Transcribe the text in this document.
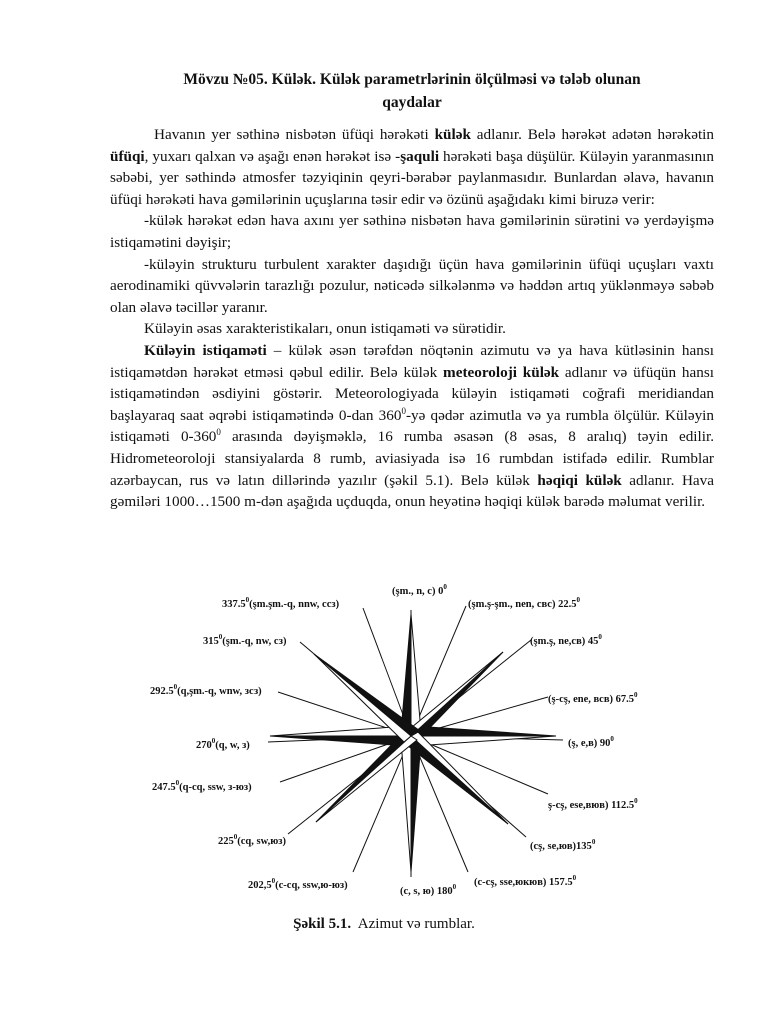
Mövzu №05. Külək. Külək parametrlərinin ölçülməsi və tələb olunan
qaydalar

Havanın yer səthinə nisbətən üfüqi hərəkəti külək adlanır. Belə hərəkət adətən hərəkətin üfüqi, yuxarı qalxan və aşağı enən hərəkət isə -şaquli hərəkəti başa düşülür. Küləyin yaranmasının səbəbi, yer səthində atmosfer təzyiqinin qeyri-bərabər paylanmasıdır. Bunlardan əlavə, havanın üfüqi hərəkəti hava gəmilərinin uçuşlarına təsir edir və özünü aşağıdakı kimi biruzə verir:

-külək hərəkət edən hava axını yer səthinə nisbətən hava gəmilərinin sürətini və yerdəyişmə istiqamətini dəyişir;

-küləyin strukturu turbulent xarakter daşıdığı üçün hava gəmilərinin üfüqi uçuşları vaxtı aerodinamiki qüvvələrin tarazlığı pozulur, nəticədə silkələnmə və həddən artıq yüklənməyə səbəb olan əlavə təcillər yaranır.

Küləyin əsas xarakteristikaları, onun istiqaməti və sürətidir.

Küləyin istiqaməti – külək əsən tərəfdən nöqtənin azimutu və ya hava kütləsinin hansı istiqamətdən hərəkət etməsi qəbul edilir. Belə külək meteoroloji külək adlanır və üfüqün hansı istiqamətindən əsdiyini göstərir. Meteorologiyada küləyin istiqaməti coğrafi meridiandan başlayaraq saat əqrəbi istiqamətində 0-dan $360^0-yə$ qədər azimutla və ya rumbla ölçülür. Küləyin istiqaməti $0-360^0$ arasında dəyişməklə, 16 rumba əsasən (8 əsas, 8 aralıq) təyin edilir. Hidrometeoroloji stansiyalarda 8 rumb, aviasiyada isə 16 rumbdan istifadə edilir. Rumblar azərbaycan, rus və latın dillərində yazılır (şəkil 5.1). Belə külək həqiqi külək adlanır. Hava gəmiləri 1000…1500 m-dən aşağıda uçduqda, onun heyətinə həqiqi külək barədə məlumat verilir.

(şm., n, c) $0^0$
(şm.ş-şm., nen, свс) 22.5$^0$
(şm.ş, ne,св) $45^0$
(ş-cş, ene, вcв) 67.5$^0$
(ş, e,в) $90^0$
ş-cş, ese,вюв) 112.5$^0$
(cş, $se,юв)135^0$
(c-cş, sse,юкюв) 157.5$^0$
(c, s, ю) $180^0$
202,5$^0$(c-cq, ssw,ю-юз)
$225^0(cq$, sw,юз)
247.5$^0$(q-cq, ssw, з-юз)
$270^0(q$, w, з)
292.5$^0$(q,şm.-q, wnw, зсз)
$315^0(şm.-q$, nw, сз)
337.5$^0$(şm.şm.-q, nnw, ccз)
Şəkil 5.1. Azimut və rumblar.
